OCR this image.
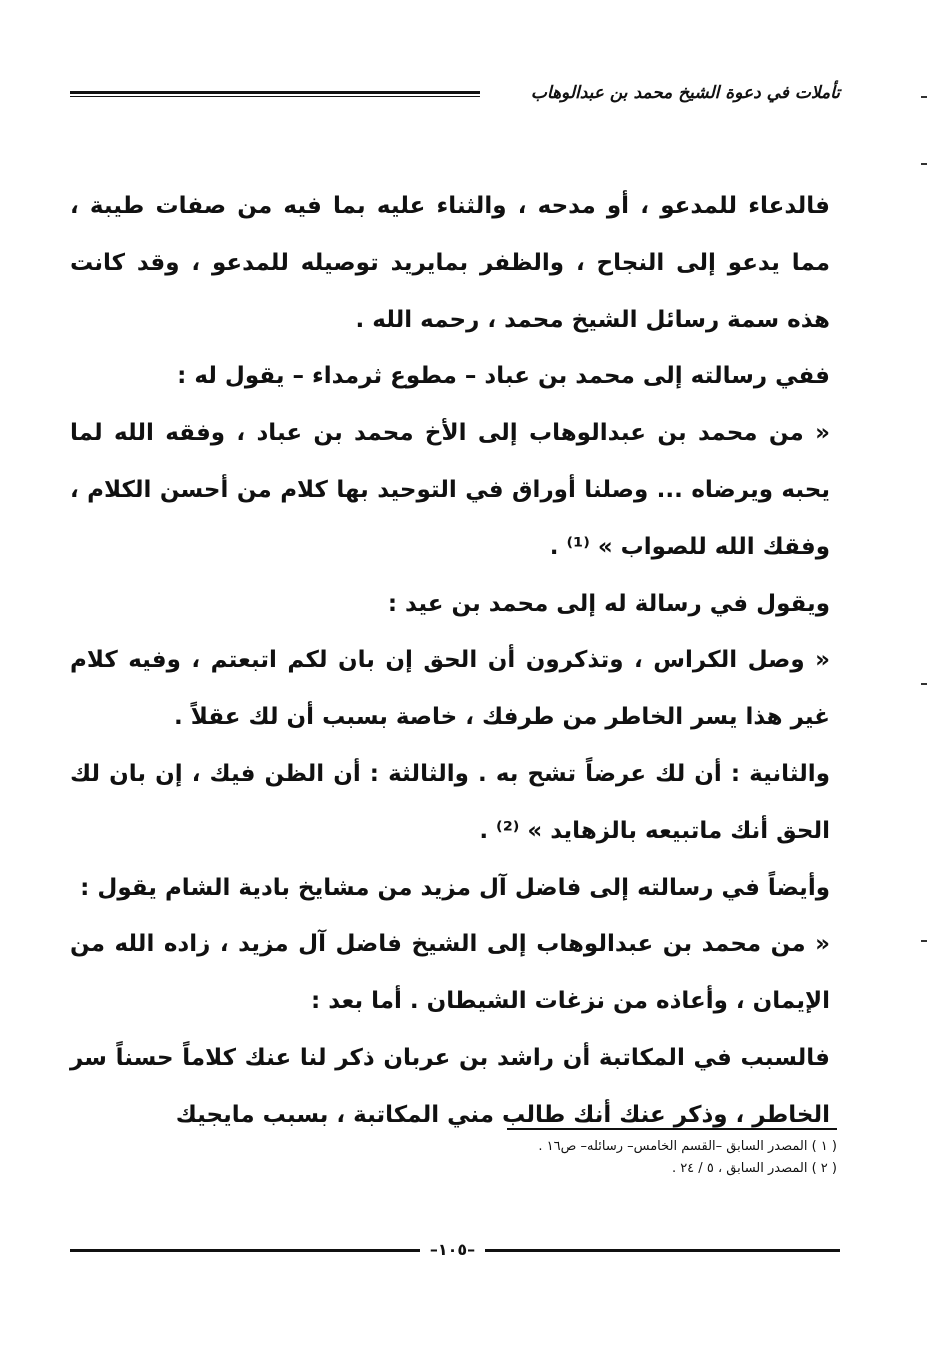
تأملات في دعوة الشيخ محمد بن عبدالوهاب

فالدعاء للمدعو ، أو مدحه ، والثناء عليه بما فيه من صفات طيبة ، مما يدعو إلى النجاح ، والظفر بمايريد توصيله للمدعو ، وقد كانت هذه سمة رسائل الشيخ محمد ، رحمه الله .

ففي رسالته إلى محمد بن عباد – مطوع ثرمداء – يقول له :

« من محمد بن عبدالوهاب إلى الأخ محمد بن عباد ، وفقه الله لما يحبه ويرضاه ... وصلنا أوراق في التوحيد بها كلام من أحسن الكلام ، وفقك الله للصواب » ⁽¹⁾ .

ويقول في رسالة له إلى محمد بن عيد :

« وصل الكراس ، وتذكرون أن الحق إن بان لكم اتبعتم ، وفيه كلام غير هذا يسر الخاطر من طرفك ، خاصة بسبب أن لك عقلاً .

والثانية : أن لك عرضاً تشح به . والثالثة : أن الظن فيك ، إن بان لك الحق أنك ماتبيعه بالزهايد » ⁽²⁾ .

وأيضاً في رسالته إلى فاضل آل مزيد من مشايخ بادية الشام يقول :

« من محمد بن عبدالوهاب إلى الشيخ فاضل آل مزيد ، زاده الله من الإيمان ، وأعاذه من نزغات الشيطان . أما بعد :

فالسبب في المكاتبة أن راشد بن عربان ذكر لنا عنك كلاماً حسناً سر الخاطر ، وذكر عنك أنك طالب مني المكاتبة ، بسبب مايجيك

( ١ ) المصدر السابق –القسم الخامس– رسائله– ص١٦ .
( ٢ ) المصدر السابق ، ٥ / ٢٤ .
–١٠٥–
